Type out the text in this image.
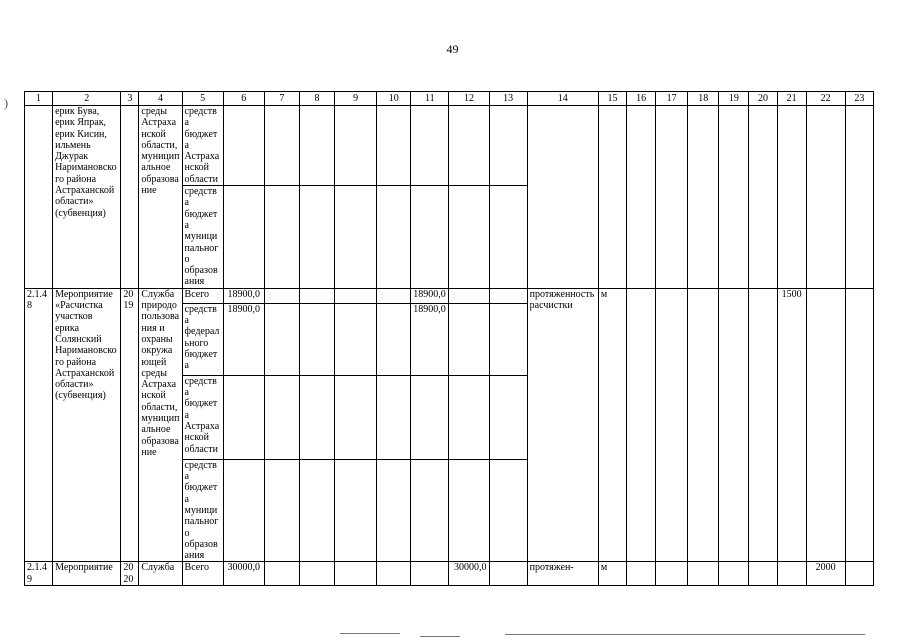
49
)	1	2	3	4	5	6	7	8	9	10	11	12	13	14	15	16	17	18	19	20	21	22	23
	ерик Бува, ерик Япрак, ерик Кисин, ильмень Джурак Наримановского района Астраханской области» (субвенция)		среды Астраханской области, муниципальное образование	средства бюджета Астраханской области																		
				средства бюджета муниципального образования																		
2.1.48	Мероприятие «Расчистка участков ерика Солянский Наримановского района Астраханской области» (субвенция)	2019	Служба природопользования и охраны окружающей среды Астраханской области, муниципальное образование	Всего	18900,0					18900,0			протяженность расчистки	м						1500		
				средства федерального бюджета	18900,0					18900,0												
				средства бюджета Астраханской области																		
				средства бюджета муниципального образования																		
2.1.49	Мероприятие	2020	Служба	Всего	30000,0						30000,0		протяжен-	м							2000	
